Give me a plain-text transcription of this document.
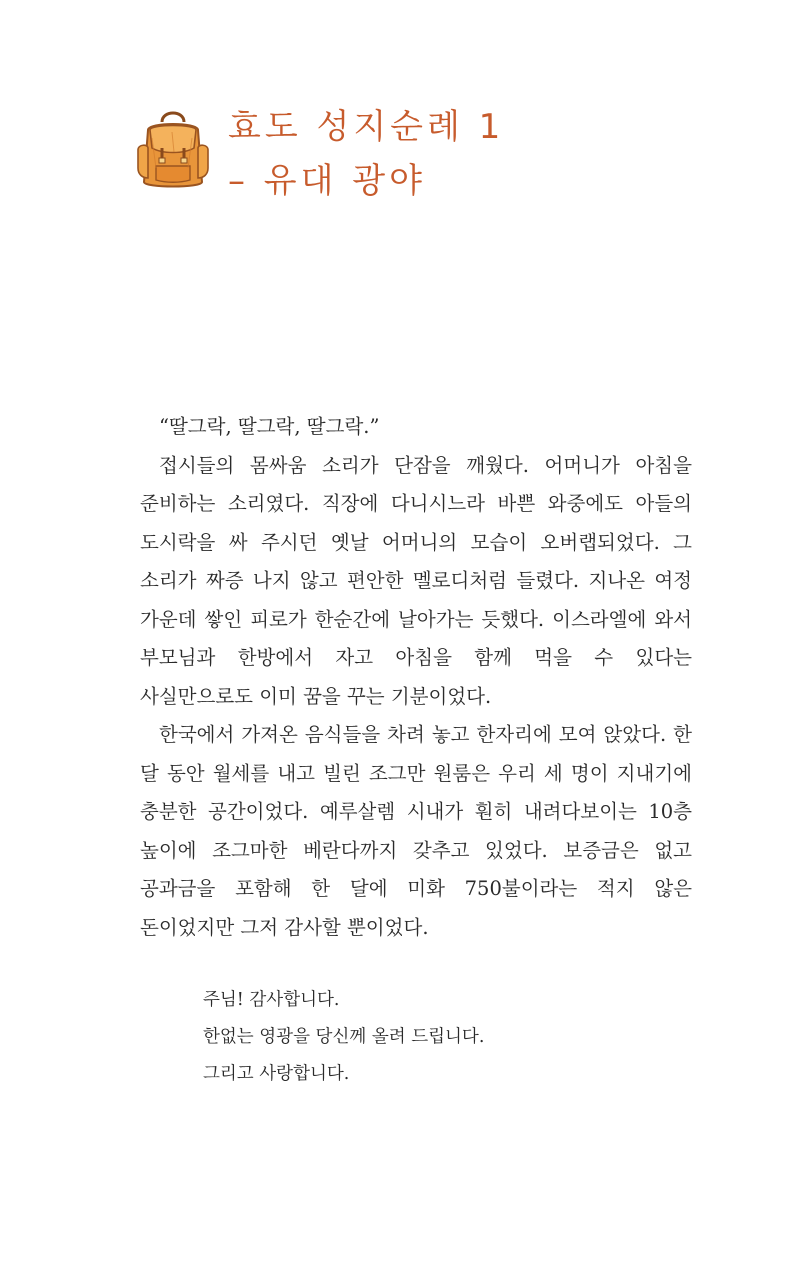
효도 성지순례 1
– 유대 광야

“딸그락, 딸그락, 딸그락.”

접시들의 몸싸움 소리가 단잠을 깨웠다. 어머니가 아침을 준비하는 소리였다. 직장에 다니시느라 바쁜 와중에도 아들의 도시락을 싸 주시던 옛날 어머니의 모습이 오버랩되었다. 그 소리가 짜증 나지 않고 편안한 멜로디처럼 들렸다. 지나온 여정 가운데 쌓인 피로가 한순간에 날아가는 듯했다. 이스라엘에 와서 부모님과 한방에서 자고 아침을 함께 먹을 수 있다는 사실만으로도 이미 꿈을 꾸는 기분이었다.

한국에서 가져온 음식들을 차려 놓고 한자리에 모여 앉았다. 한 달 동안 월세를 내고 빌린 조그만 원룸은 우리 세 명이 지내기에 충분한 공간이었다. 예루살렘 시내가 훤히 내려다보이는 10층 높이에 조그마한 베란다까지 갖추고 있었다. 보증금은 없고 공과금을 포함해 한 달에 미화 750불이라는 적지 않은 돈이었지만 그저 감사할 뿐이었다.

주님! 감사합니다.

한없는 영광을 당신께 올려 드립니다.

그리고 사랑합니다.
